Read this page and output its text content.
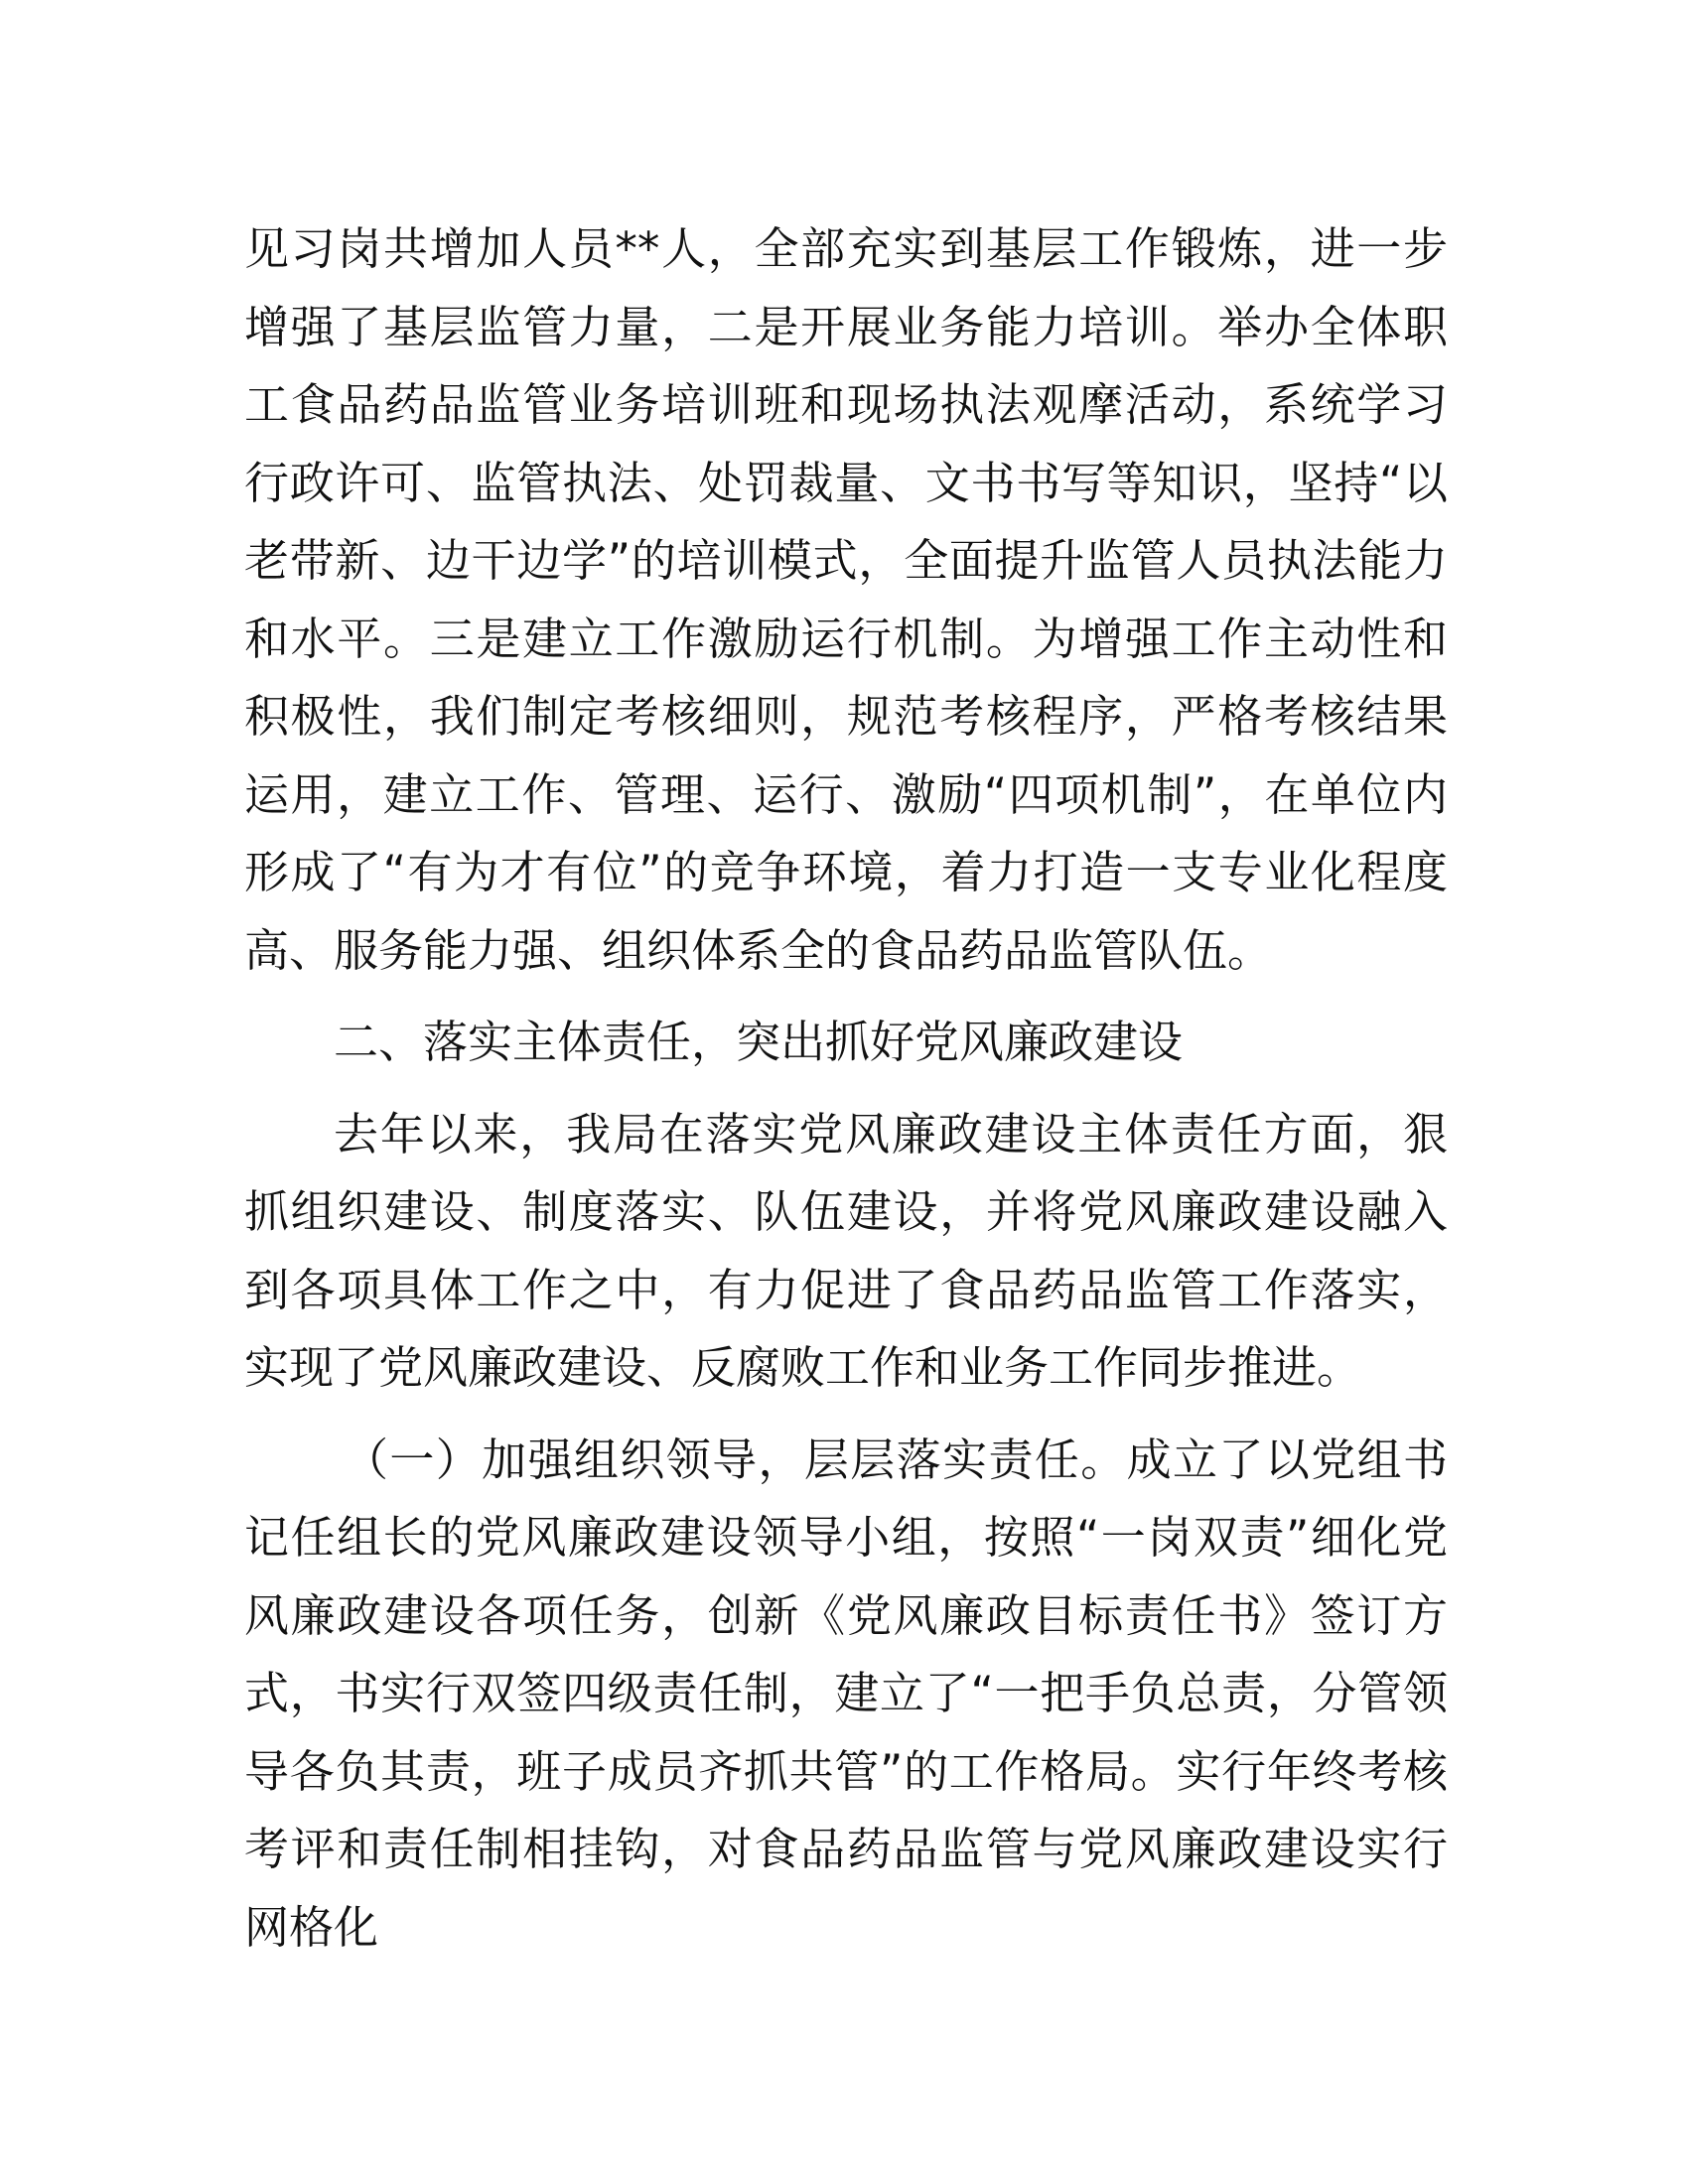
见习岗共增加人员**人，全部充实到基层工作锻炼，进一步增强了基层监管力量，二是开展业务能力培训。举办全体职工食品药品监管业务培训班和现场执法观摩活动，系统学习行政许可、监管执法、处罚裁量、文书书写等知识，坚持“以老带新、边干边学”的培训模式，全面提升监管人员执法能力和水平。三是建立工作激励运行机制。为增强工作主动性和积极性，我们制定考核细则，规范考核程序，严格考核结果运用，建立工作、管理、运行、激励“四项机制”，在单位内形成了“有为才有位”的竞争环境，着力打造一支专业化程度高、服务能力强、组织体系全的食品药品监管队伍。

二、落实主体责任，突出抓好党风廉政建设

去年以来，我局在落实党风廉政建设主体责任方面，狠抓组织建设、制度落实、队伍建设，并将党风廉政建设融入到各项具体工作之中，有力促进了食品药品监管工作落实，实现了党风廉政建设、反腐败工作和业务工作同步推进。

（一）加强组织领导，层层落实责任。成立了以党组书记任组长的党风廉政建设领导小组，按照“一岗双责”细化党风廉政建设各项任务，创新《党风廉政目标责任书》签订方式，书实行双签四级责任制，建立了“一把手负总责，分管领导各负其责，班子成员齐抓共管”的工作格局。实行年终考核考评和责任制相挂钩，对食品药品监管与党风廉政建设实行网格化
